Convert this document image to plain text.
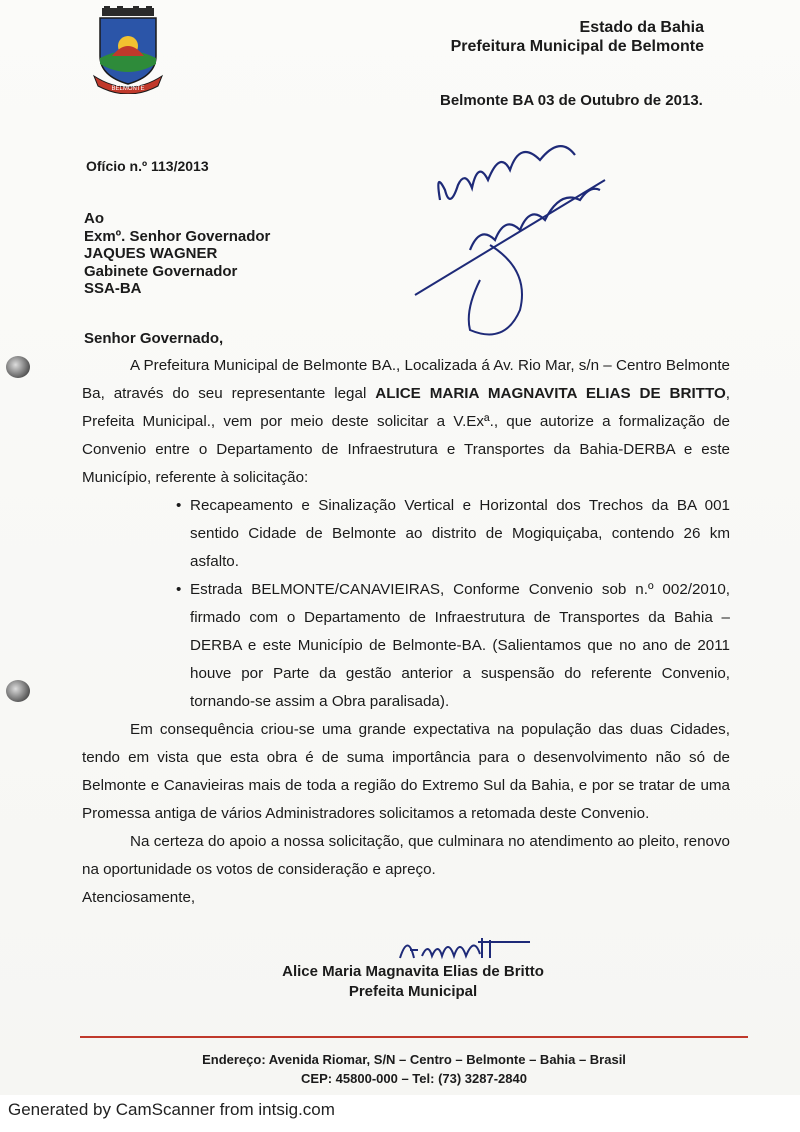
BELMONTE
Estado da Bahia
Prefeitura Municipal de Belmonte
Belmonte BA 03 de Outubro de 2013.
Ofício n.º 113/2013
Ao
Exmº. Senhor Governador
JAQUES WAGNER
Gabinete Governador
SSA-BA
Senhor Governado,

A Prefeitura Municipal de Belmonte BA., Localizada á Av. Rio Mar, s/n – Centro Belmonte Ba, através do seu representante legal ALICE MARIA MAGNAVITA ELIAS DE BRITTO, Prefeita Municipal., vem por meio deste solicitar a V.Exª., que autorize a formalização de Convenio entre o Departamento de Infraestrutura e Transportes da Bahia-DERBA e este Município, referente à solicitação:

• Recapeamento e Sinalização Vertical e Horizontal dos Trechos da BA 001 sentido Cidade de Belmonte ao distrito de Mogiquiçaba, contendo 26 km asfalto.
• Estrada BELMONTE/CANAVIEIRAS, Conforme Convenio sob n.º 002/2010, firmado com o Departamento de Infraestrutura de Transportes da Bahia – DERBA e este Município de Belmonte-BA. (Salientamos que no ano de 2011 houve por Parte da gestão anterior a suspensão do referente Convenio, tornando-se assim a Obra paralisada).

Em consequência criou-se uma grande expectativa na população das duas Cidades, tendo em vista que esta obra é de suma importância para o desenvolvimento não só de Belmonte e Canavieiras mais de toda a região do Extremo Sul da Bahia, e por se tratar de uma Promessa antiga de vários Administradores solicitamos a retomada deste Convenio.

Na certeza do apoio a nossa solicitação, que culminara no atendimento ao pleito, renovo na oportunidade os votos de consideração e apreço.

Atenciosamente,

Alice Maria Magnavita Elias de Britto
Prefeita Municipal
Endereço: Avenida Riomar, S/N – Centro – Belmonte – Bahia – Brasil
CEP: 45800-000 – Tel: (73) 3287-2840
Generated by CamScanner from intsig.com
